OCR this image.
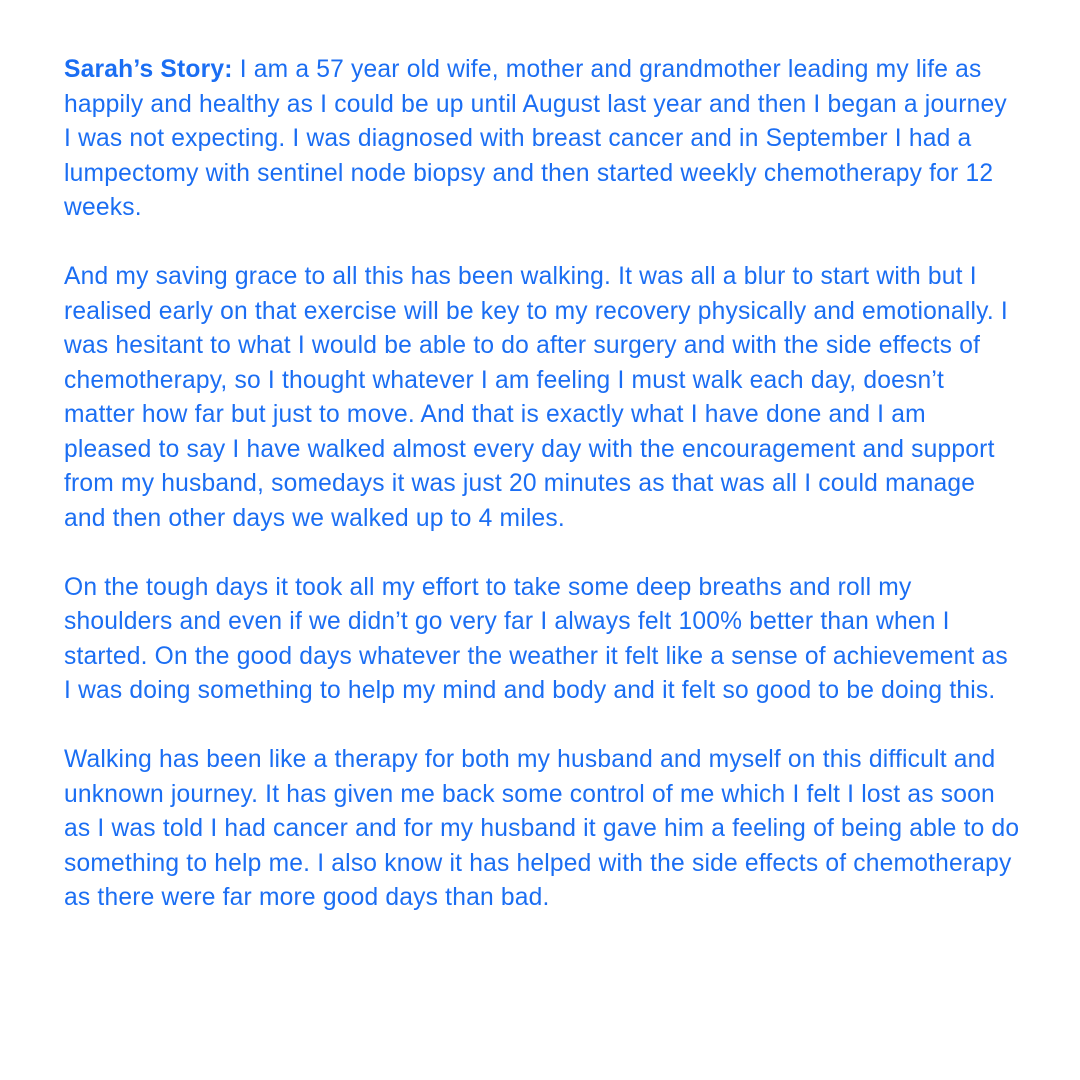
Sarah’s Story: I am a 57 year old wife, mother and grandmother leading my life as happily and healthy as I could be up until August last year and then I began a journey I was not expecting. I was diagnosed with breast cancer and in September I had a lumpectomy with sentinel node biopsy and then started weekly chemotherapy for 12 weeks.

And my saving grace to all this has been walking. It was all a blur to start with but I realised early on that exercise will be key to my recovery physically and emotionally. I was hesitant to what I would be able to do after surgery and with the side effects of chemotherapy, so I thought whatever I am feeling I must walk each day, doesn’t matter how far but just to move. And that is exactly what I have done and I am pleased to say I have walked almost every day with the encouragement and support from my husband, somedays it was just 20 minutes as that was all I could manage and then other days we walked up to 4 miles.

On the tough days it took all my effort to take some deep breaths and roll my shoulders and even if we didn’t go very far I always felt 100% better than when I started. On the good days whatever the weather it felt like a sense of achievement as I was doing something to help my mind and body and it felt so good to be doing this.

Walking has been like a therapy for both my husband and myself on this difficult and unknown journey. It has given me back some control of me which I felt I lost as soon as I was told I had cancer and for my husband it gave him a feeling of being able to do something to help me. I also know it has helped with the side effects of chemotherapy as there were far more good days than bad.
